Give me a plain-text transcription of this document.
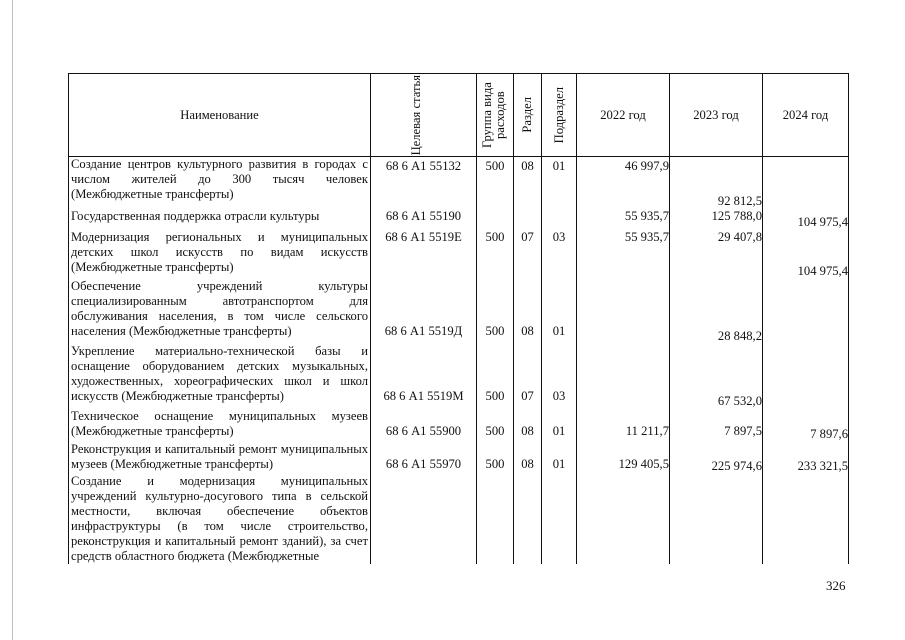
Наименование	Целевая статья	Группа вида расходов	Раздел	Подраздел	2022 год	2023 год	2024 год
Создание центров культурного развития в городах с числом жителей до 300 тысяч человек (Межбюджетные трансферты)	68 6 А1 55132	500	08	01	46 997,9	92 812,5	
Государственная поддержка отрасли культуры	68 6 А1 55190				55 935,7	125 788,0	104 975,4
Модернизация региональных и муниципальных детских школ искусств по видам искусств (Межбюджетные трансферты)	68 6 А1 5519Е	500	07	03	55 935,7	29 407,8	104 975,4
Обеспечение учреждений культуры специализированным автотранспортом для обслуживания населения, в том числе сельского населения (Межбюджетные трансферты)	68 6 А1 5519Д	500	08	01		28 848,2	
Укрепление материально-технической базы и оснащение оборудованием детских музыкальных, художественных, хореографических школ и школ искусств (Межбюджетные трансферты)	68 6 А1 5519М	500	07	03		67 532,0	
Техническое оснащение муниципальных музеев (Межбюджетные трансферты)	68 6 А1 55900	500	08	01	11 211,7	7 897,5	7 897,6
Реконструкция и капитальный ремонт муниципальных музеев (Межбюджетные трансферты)	68 6 А1 55970	500	08	01	129 405,5	225 974,6	233 321,5
Создание и модернизация муниципальных учреждений культурно-досугового типа в сельской местности, включая обеспечение объектов инфраструктуры (в том числе строительство, реконструкция и капитальный ремонт зданий), за счет средств областного бюджета (Межбюджетные							
326
